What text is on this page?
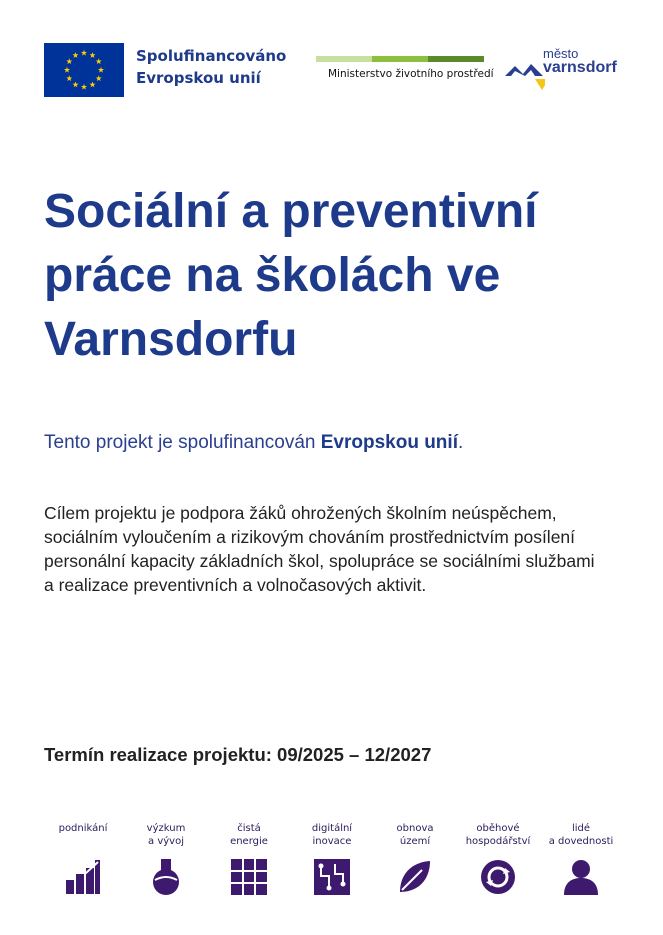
Spolufinancováno
Evropskou unií	Ministerstvo životního prostředí
město
varnsdorf
Sociální a preventivní práce na školách ve Varnsdorfu

Tento projekt je spolufinancován Evropskou unií.

Cílem projektu je podpora žáků ohrožených školním neúspěchem, sociálním vyloučením a rizikovým chováním prostřednictvím posílení personální kapacity základních škol, spolupráce se sociálními službami a realizace preventivních a volnočasových aktivit.

Termín realizace projektu: 09/2025 – 12/2027

podnikání	výzkum
a vývoj
čistá
energie
digitální
inovace
obnova
území
oběhové
hospodářství
lidé
a dovednosti
